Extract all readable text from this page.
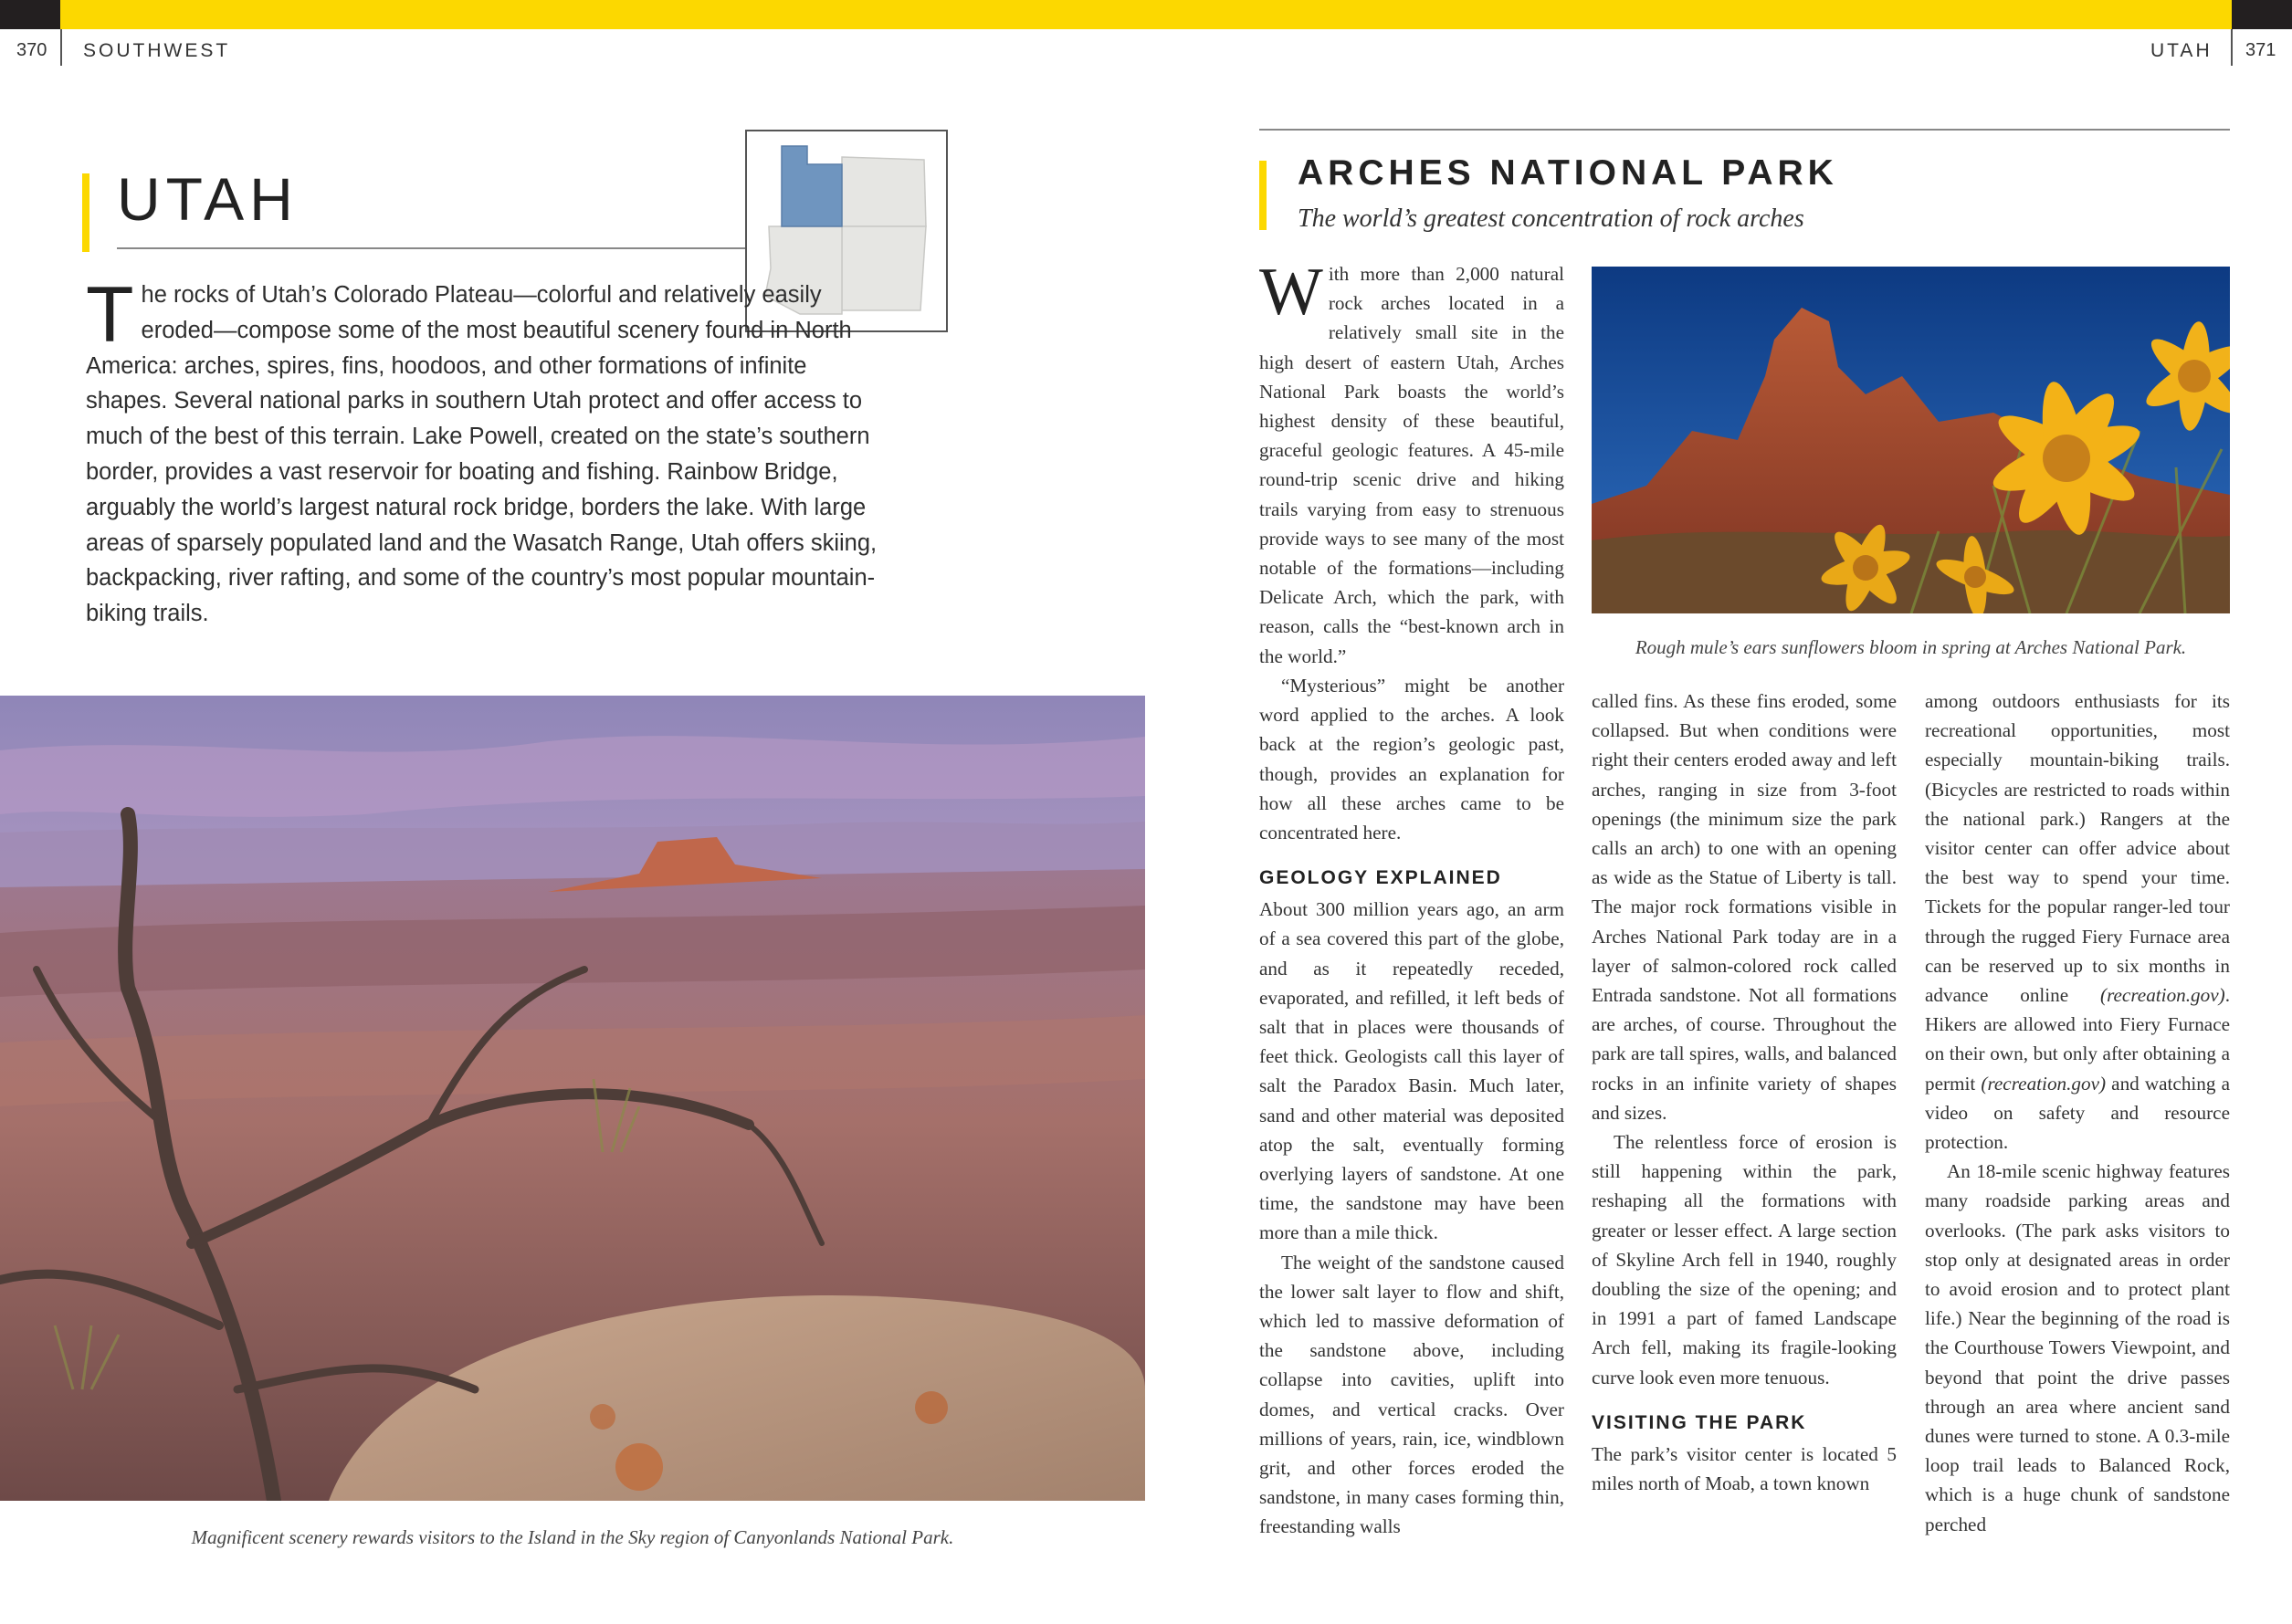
370 SOUTHWEST	UTAH 371
UTAH
The rocks of Utah’s Colorado Plateau—colorful and relatively easily eroded—compose some of the most beautiful scenery found in North America: arches, spires, fins, hoodoos, and other formations of infinite shapes. Several national parks in southern Utah protect and offer access to much of the best of this terrain. Lake Powell, created on the state’s southern border, provides a vast reservoir for boating and fishing. Rainbow Bridge, arguably the world’s largest natural rock bridge, borders the lake. With large areas of sparsely populated land and the Wasatch Range, Utah offers skiing, backpacking, river rafting, and some of the country’s most popular mountain-biking trails.
Magnificent scenery rewards visitors to the Island in the Sky region of Canyonlands National Park.
ARCHES NATIONAL PARK
The world’s greatest concentration of rock arches
Rough mule’s ears sunflowers bloom in spring at Arches National Park.

With more than 2,000 natural rock arches located in a relatively small site in the high desert of eastern Utah, Arches National Park boasts the world’s highest density of these beautiful, graceful geologic features. A 45-mile round-trip scenic drive and hiking trails varying from easy to strenuous provide ways to see many of the most notable of the formations—including Delicate Arch, which the park, with reason, calls the “best-known arch in the world.”

“Mysterious” might be another word applied to the arches. A look back at the region’s geologic past, though, provides an explanation for how all these arches came to be concentrated here.

GEOLOGY EXPLAINED

About 300 million years ago, an arm of a sea covered this part of the globe, and as it repeatedly receded, evaporated, and refilled, it left beds of salt that in places were thousands of feet thick. Geologists call this layer of salt the Paradox Basin. Much later, sand and other material was deposited atop the salt, eventually forming overlying layers of sandstone. At one time, the sandstone may have been more than a mile thick.

The weight of the sandstone caused the lower salt layer to flow and shift, which led to massive deformation of the sandstone above, including collapse into cavities, uplift into domes, and vertical cracks. Over millions of years, rain, ice, windblown grit, and other forces eroded the sandstone, in many cases forming thin, freestanding walls

called fins. As these fins eroded, some collapsed. But when conditions were right their centers eroded away and left arches, ranging in size from 3-foot openings (the minimum size the park calls an arch) to one with an opening as wide as the Statue of Liberty is tall. The major rock formations visible in Arches National Park today are in a layer of salmon-colored rock called Entrada sandstone. Not all formations are arches, of course. Throughout the park are tall spires, walls, and balanced rocks in an infinite variety of shapes and sizes.

The relentless force of erosion is still happening within the park, reshaping all the formations with greater or lesser effect. A large section of Skyline Arch fell in 1940, roughly doubling the size of the opening; and in 1991 a part of famed Landscape Arch fell, making its fragile-looking curve look even more tenuous.

VISITING THE PARK

The park’s visitor center is located 5 miles north of Moab, a town known

among outdoors enthusiasts for its recreational opportunities, most especially mountain-biking trails. (Bicycles are restricted to roads within the national park.) Rangers at the visitor center can offer advice about the best way to spend your time. Tickets for the popular ranger-led tour through the rugged Fiery Furnace area can be reserved up to six months in advance online (recreation.gov). Hikers are allowed into Fiery Furnace on their own, but only after obtaining a permit (recreation.gov) and watching a video on safety and resource protection.

An 18-mile scenic highway features many roadside parking areas and overlooks. (The park asks visitors to stop only at designated areas in order to avoid erosion and to protect plant life.) Near the beginning of the road is the Courthouse Towers Viewpoint, and beyond that point the drive passes through an area where ancient sand dunes were turned to stone. A 0.3-mile loop trail leads to Balanced Rock, which is a huge chunk of sandstone perched
